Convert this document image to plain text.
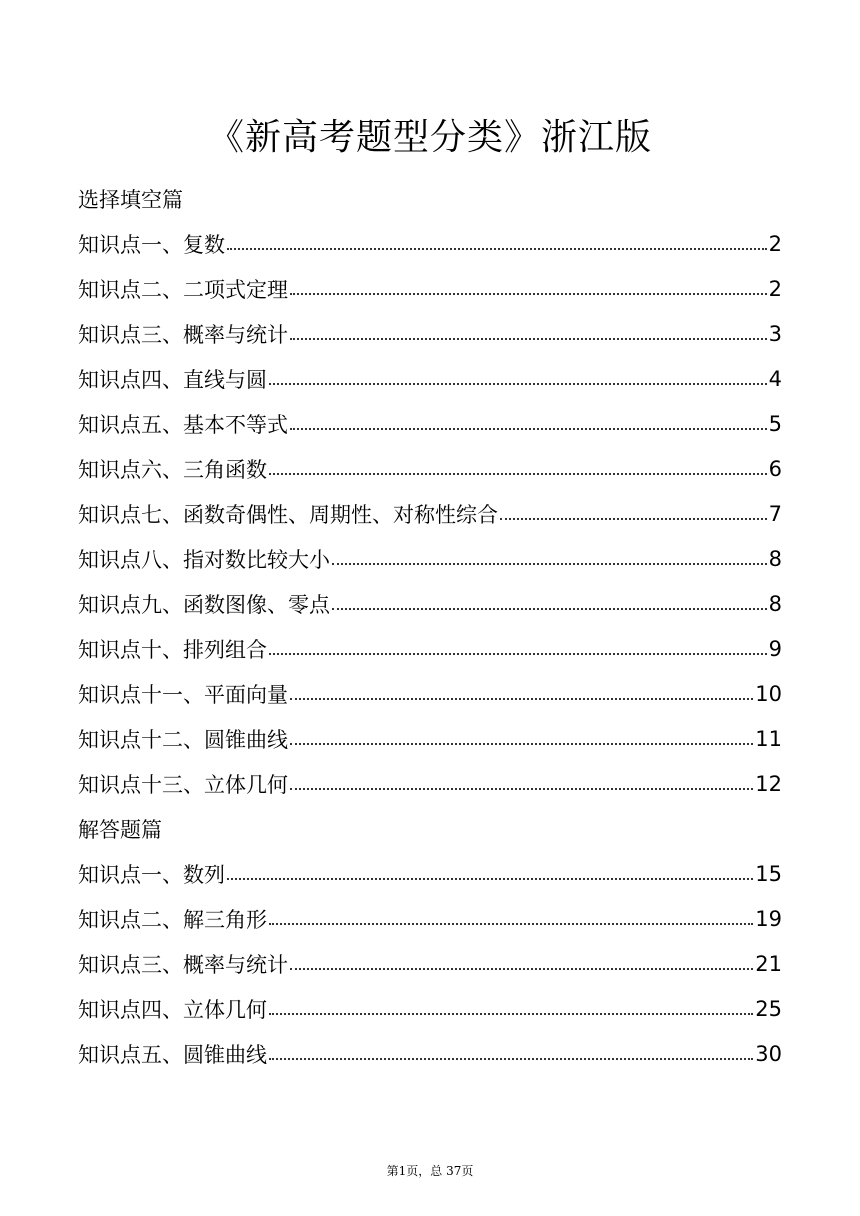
《新高考题型分类》浙江版
选择填空篇
知识点一、复数	2
知识点二、二项式定理	2
知识点三、概率与统计	3
知识点四、直线与圆	4
知识点五、基本不等式	5
知识点六、三角函数	6
知识点七、函数奇偶性、周期性、对称性综合	7
知识点八、指对数比较大小	8
知识点九、函数图像、零点	8
知识点十、排列组合	9
知识点十一、平面向量	10
知识点十二、圆锥曲线	11
知识点十三、立体几何	12
解答题篇
知识点一、数列	15
知识点二、解三角形	19
知识点三、概率与统计	21
知识点四、立体几何	25
知识点五、圆锥曲线	30
第1页，总 37页
